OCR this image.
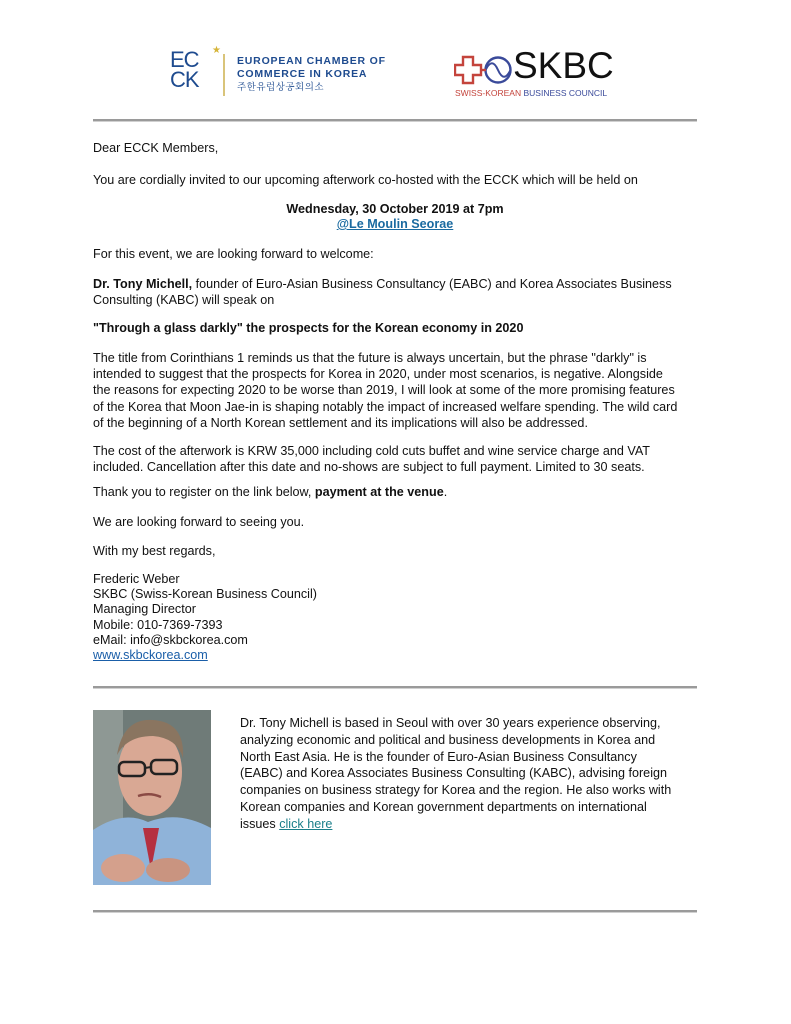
EC
CK
★
EUROPEAN CHAMBER OF
COMMERCE IN KOREA
주한유럽상공회의소
SKBC
SWISS-KOREAN BUSINESS COUNCIL

Dear ECCK Members,

You are cordially invited to our upcoming afterwork co-hosted with the ECCK which will be held on

Wednesday, 30 October 2019 at 7pm

@Le Moulin Seorae

For this event, we are looking forward to welcome:

Dr. Tony Michell, founder of Euro-Asian Business Consultancy (EABC) and Korea Associates Business
Consulting (KABC) will speak on

"Through a glass darkly" the prospects for the Korean economy in 2020

The title from Corinthians 1 reminds us that the future is always uncertain, but the phrase "darkly" is
intended to suggest that the prospects for Korea in 2020, under most scenarios, is negative. Alongside
the reasons for expecting 2020 to be worse than 2019, I will look at some of the more promising features
of the Korea that Moon Jae-in is shaping notably the impact of increased welfare spending. The wild card
of the beginning of a North Korean settlement and its implications will also be addressed.
The cost of the afterwork is KRW 35,000 including cold cuts buffet and wine service charge and VAT
included. Cancellation after this date and no-shows are subject to full payment. Limited to 30 seats.

Thank you to register on the link below, payment at the venue.

We are looking forward to seeing you.

With my best regards,

Frederic Weber
SKBC (Swiss-Korean Business Council)
Managing Director
Mobile: 010-7369-7393
eMail: info@skbckorea.com
www.skbckorea.com
Dr. Tony Michell is based in Seoul with over 30 years experience observing,
analyzing economic and political and business developments in Korea and
North East Asia. He is the founder of Euro-Asian Business Consultancy
(EABC) and Korea Associates Business Consulting (KABC), advising foreign
companies on business strategy for Korea and the region. He also works with
Korean companies and Korean government departments on international
issues click here
